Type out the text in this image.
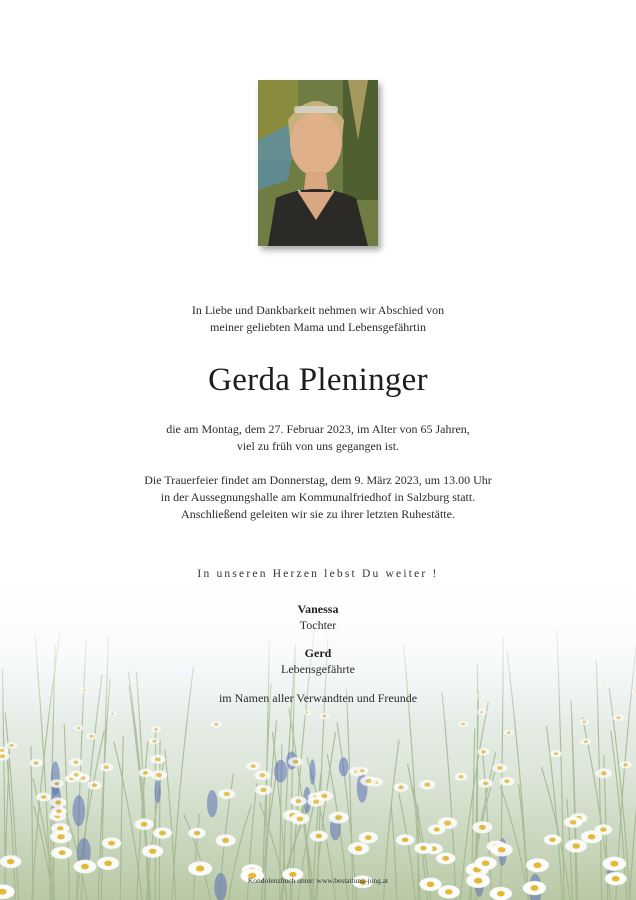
In Liebe und Dankbarkeit nehmen wir Abschied von
meiner geliebten Mama und Lebensgefährtin
Gerda Pleninger
die am Montag, dem 27. Februar 2023, im Alter von 65 Jahren,
viel zu früh von uns gegangen ist.
Die Trauerfeier findet am Donnerstag, dem 9. März 2023, um 13.00 Uhr
in der Aussegnungshalle am Kommunalfriedhof in Salzburg statt.
Anschließend geleiten wir sie zu ihrer letzten Ruhestätte.
In unseren Herzen lebst Du weiter !
Vanessa
Tochter
Gerd
Lebensgefährte
im Namen aller Verwandten und Freunde
Kondolenzbuch unter: www.bestattung-jung.at
